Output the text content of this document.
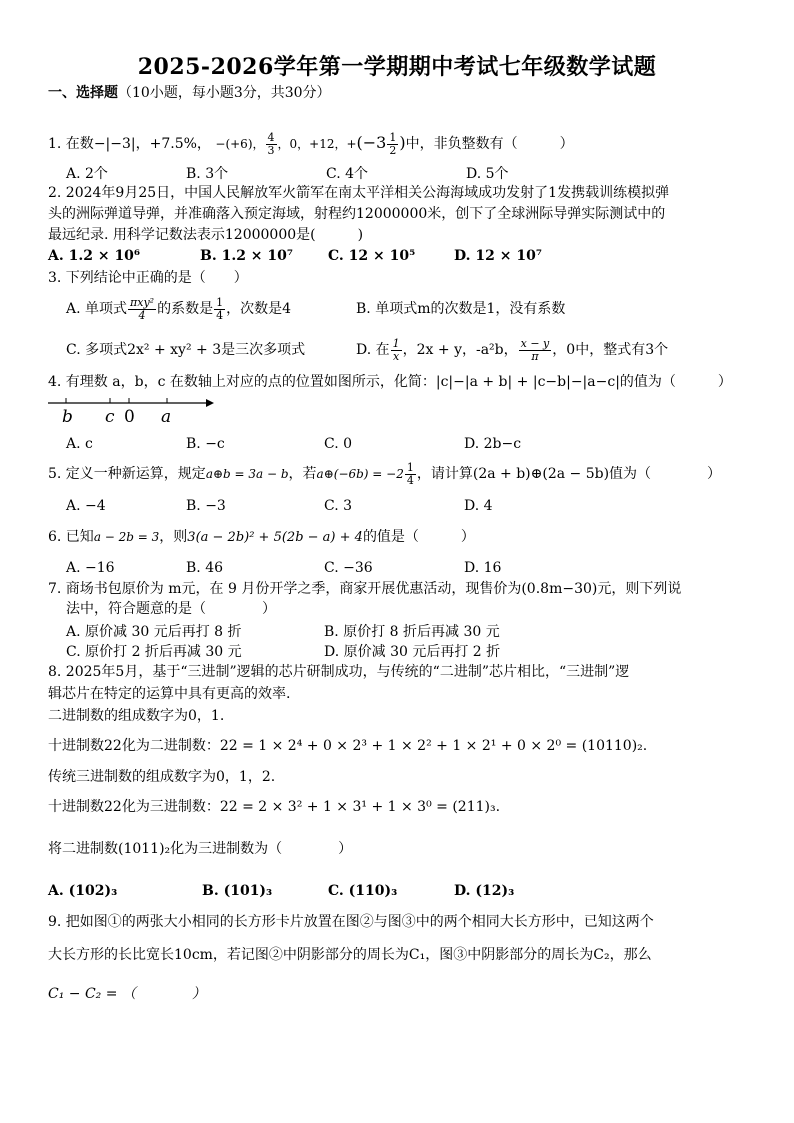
2025-2026学年第一学期期中考试七年级数学试题
一、选择题（10小题，每小题3分，共30分）
1. 在数−|−3|，+7.5%， −(+6)， $\frac{4}{3}$ ，0，+12，$+(-3 \frac{1}{2}$ )中，非负整数有（　　　）
A. 2个	B. 3个	C. 4个	D. 5个
2. 2024年9月25日，中国人民解放军火箭军在南太平洋相关公海海域成功发射了1发携载训练模拟弹
头的洲际弹道导弹，并准确落入预定海域，射程约12000000米，创下了全球洲际导弹实际测试中的
最远纪录. 用科学记数法表示12000000是(　　　)
A. 1.2 × 10⁶	B. 1.2 × 10⁷ C. 12 × 10⁵	D. 12 × 10⁷
3. 下列结论中正确的是（　　）
A. 单项式 $\frac{\text{πxy²}}{4}$ 的系数是 $\frac{1}{4}$ ，次数是4	B. 单项式m的次数是1，没有系数
C. 多项式2x² + xy² + 3是三次多项式	D. 在 $\frac{1}{x}$ ，2x + y，-a²b， $\frac{x - y}{\pi}$ ，0中，整式有3个
4. 有理数 a，b，c 在数轴上对应的点的位置如图所示，化简：|c|−|a + b| + |c−b|−|a−c|的值为（　　　）
b c 0 a
A. c	B. −c	C. 0	D. 2b−c
5. 定义一种新运算，规定a⊕b = 3a − b，若a⊕(−6b) = $-2 \frac{1}{4}$ ，请计算(2a + b)⊕(2a − 5b)值为（　　　　）
A. −4	B. −3	C. 3	D. 4
6. 已知a − 2b = 3，则3(a − 2b)² + 5(2b − a) + 4的值是（　　　）
A. −16	B. 46	C. −36	D. 16
7. 商场书包原价为 m元，在 9 月份开学之季，商家开展优惠活动，现售价为(0.8m−30)元，则下列说
法中，符合题意的是（　　　　）
A. 原价减 30 元后再打 8 折	B. 原价打 8 折后再减 30 元
C. 原价打 2 折后再减 30 元	D. 原价减 30 元后再打 2 折
8. 2025年5月，基于“三进制”逻辑的芯片研制成功，与传统的“二进制”芯片相比，“三进制”逻
辑芯片在特定的运算中具有更高的效率.
二进制数的组成数字为0，1.
十进制数22化为二进制数：22 = 1 × 2⁴ + 0 × 2³ + 1 × 2² + 1 × 2¹ + 0 × 2⁰ = (10110)₂.
传统三进制数的组成数字为0，1，2.
十进制数22化为三进制数：22 = 2 × 3² + 1 × 3¹ + 1 × 3⁰ = (211)₃.
将二进制数(1011)₂化为三进制数为（　　　　）
A. (102)₃	B. (101)₃	C. (110)₃	D. (12)₃
9. 把如图①的两张大小相同的长方形卡片放置在图②与图③中的两个相同大长方形中，已知这两个
大长方形的长比宽长10cm，若记图②中阴影部分的周长为C₁，图③中阴影部分的周长为C₂，那么
C₁ − C₂ = （　　　　）
